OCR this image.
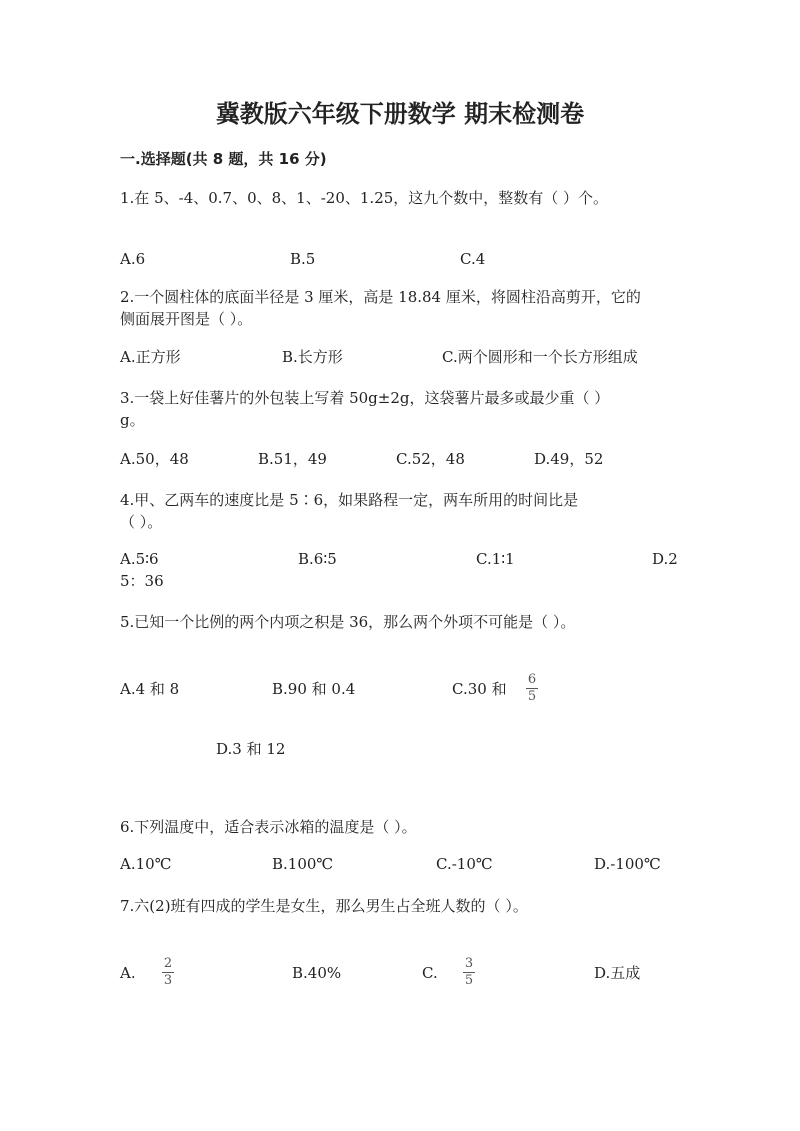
冀教版六年级下册数学 期末检测卷
一.选择题(共 8 题，共 16 分)
1.在 5、-4、0.7、0、8、1、-20、1.25，这九个数中，整数有（ ）个。
A.6	B.5	C.4
2.一个圆柱体的底面半径是 3 厘米，高是 18.84 厘米，将圆柱沿高剪开，它的
侧面展开图是（ ）。
A.正方形	B.长方形	C.两个圆形和一个长方形组成
3.一袋上好佳薯片的外包装上写着 50g±2g，这袋薯片最多或最少重（ ）
g。
A.50，48	B.51，49	C.52，48	D.49，52
4.甲、乙两车的速度比是 5∶6，如果路程一定，两车所用的时间比是
（ ）。
A.5∶6	B.6∶5	C.1∶1	D.2
5：36
5.已知一个比例的两个内项之积是 36，那么两个外项不可能是（ ）。
A.4 和 8	B.90 和 0.4	C.30 和 $\frac{6}{5}$
D.3 和 12
6.下列温度中，适合表示冰箱的温度是（ ）。
A.10℃	B.100℃	C.-10℃	D.-100℃
7.六(2)班有四成的学生是女生，那么男生占全班人数的（ ）。
A. $\frac{2}{3}$	B.40%	C. $\frac{3}{5}$	D.五成
